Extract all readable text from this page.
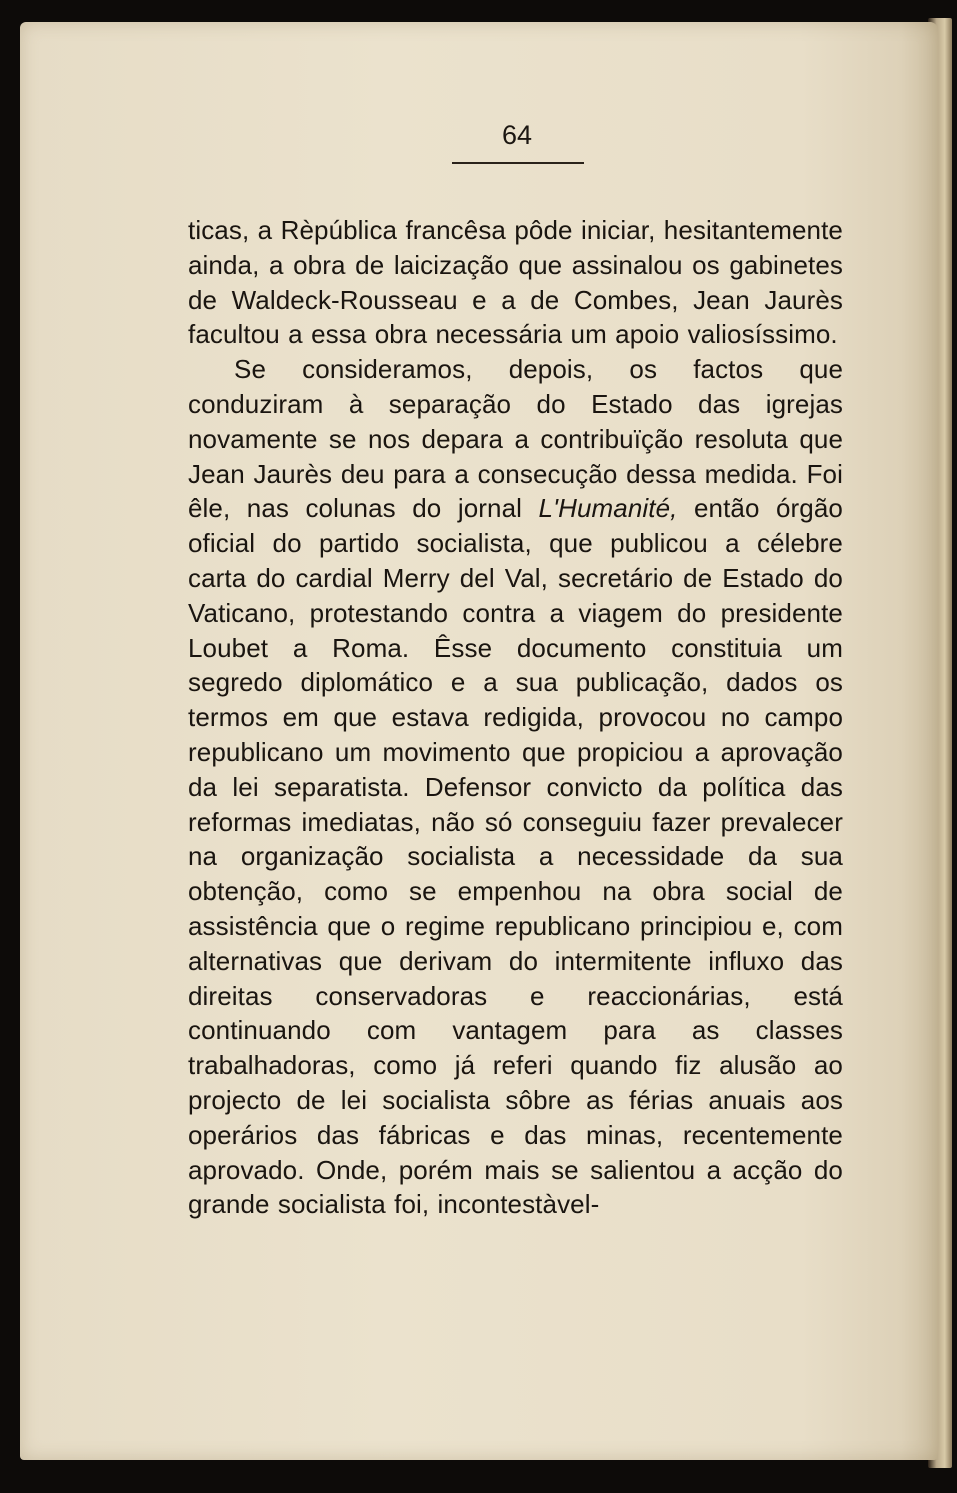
64

ticas, a Rèpública francêsa pôde iniciar, hesitantemente ainda, a obra de laicização que assinalou os gabinetes de Waldeck-Rousseau e a de Combes, Jean Jaurès facultou a essa obra necessária um apoio valiosíssimo.

Se consideramos, depois, os factos que conduziram à separação do Estado das igrejas novamente se nos depara a contribuïção resoluta que Jean Jaurès deu para a consecução dessa medida. Foi êle, nas colunas do jornal L'Humanité, então órgão oficial do partido socialista, que publicou a célebre carta do cardial Merry del Val, secretário de Estado do Vaticano, protestando contra a viagem do presidente Loubet a Roma. Êsse documento constituia um segredo diplomático e a sua publicação, dados os termos em que estava redigida, provocou no campo republicano um movimento que propiciou a aprovação da lei separatista. Defensor convicto da política das reformas imediatas, não só conseguiu fazer prevalecer na organização socialista a necessidade da sua obtenção, como se empenhou na obra social de assistência que o regime republicano principiou e, com alternativas que derivam do intermitente influxo das direitas conservadoras e reaccionárias, está continuando com vantagem para as classes trabalhadoras, como já referi quando fiz alusão ao projecto de lei socialista sôbre as férias anuais aos operários das fábricas e das minas, recentemente aprovado. Onde, porém mais se salientou a acção do grande socialista foi, incontestàvel-
